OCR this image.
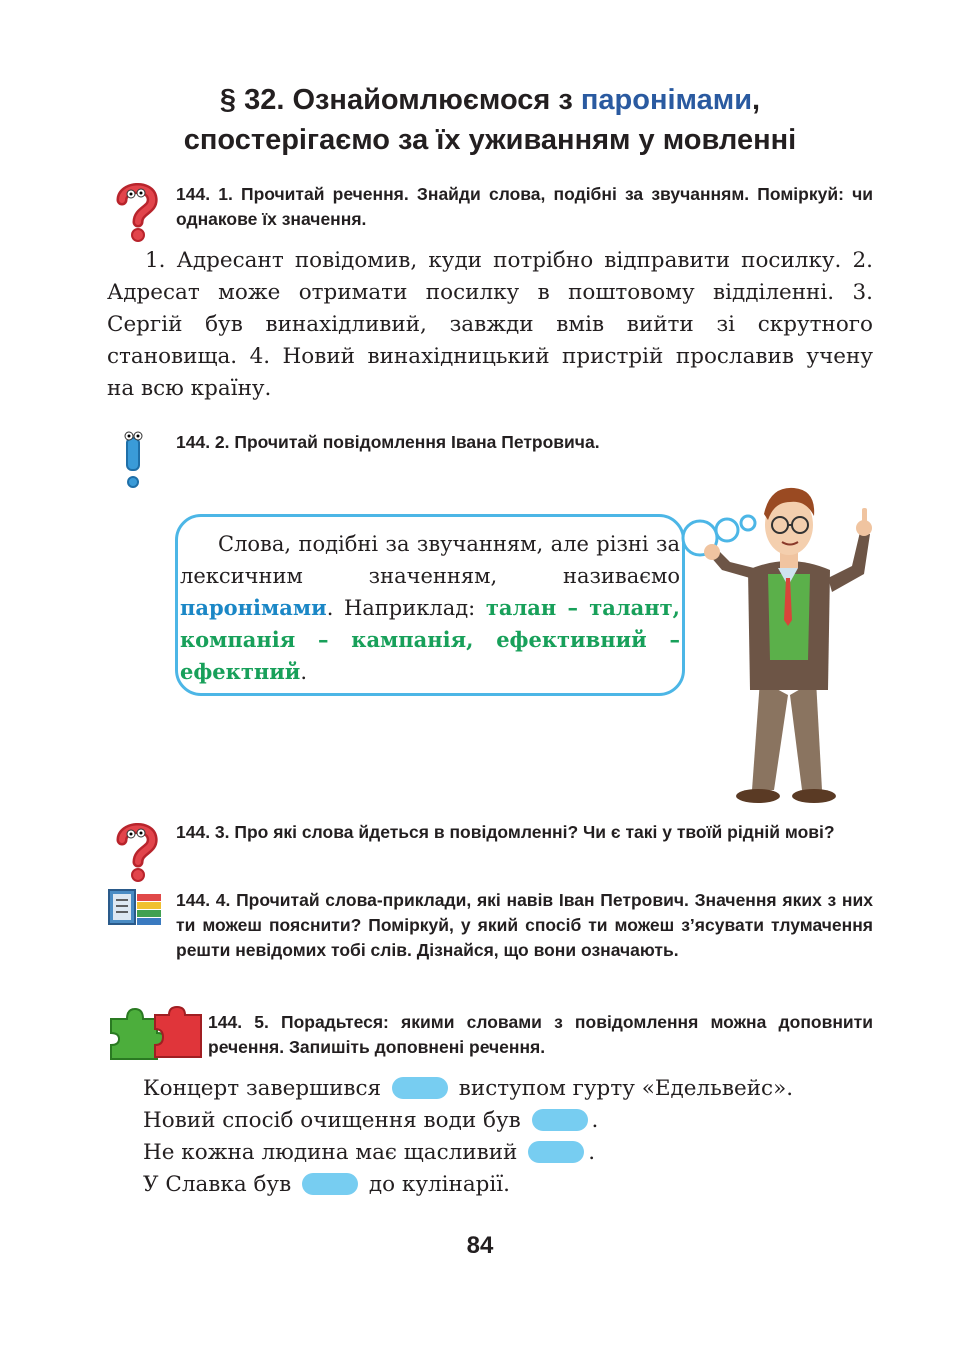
§ 32. Ознайомлюємося з паронімами,
спостерігаємо за їх уживанням у мовленні
144. 1. Прочитай речення. Знайди слова, подібні за звучанням. Поміркуй: чи однакове їх значення.

1. Адресант повідомив, куди потрібно відправити посилку. 2. Адресат може отримати посилку в поштовому відділенні. 3. Сергій був винахідливий, завжди вмів вийти зі скрутного становища. 4. Новий винахідницький пристрій прославив учену на всю країну.

144. 2. Прочитай повідомлення Івана Петровича.
Слова, подібні за звучанням, але різні за лексичним значенням, називаємо паронімами. Наприклад: талан – талант, компанія – кампанія, ефективний – ефектний.
144. 3. Про які слова йдеться в повідомленні? Чи є такі у твоїй рідній мові?
144. 4. Прочитай слова-приклади, які навів Іван Петрович. Значення яких з них ти можеш пояснити? Поміркуй, у який спосіб ти можеш з’ясувати тлумачення решти невідомих тобі слів. Дізнайся, що вони означають.
144. 5. Порадьтеся: якими словами з повідомлення можна доповнити речення. Запишіть доповнені речення.
Концерт завершився	виступом гурту «Едельвейс».
Новий спосіб очищення води був	.
Не кожна людина має щасливий	.
У Славка був	до кулінарії.
84
